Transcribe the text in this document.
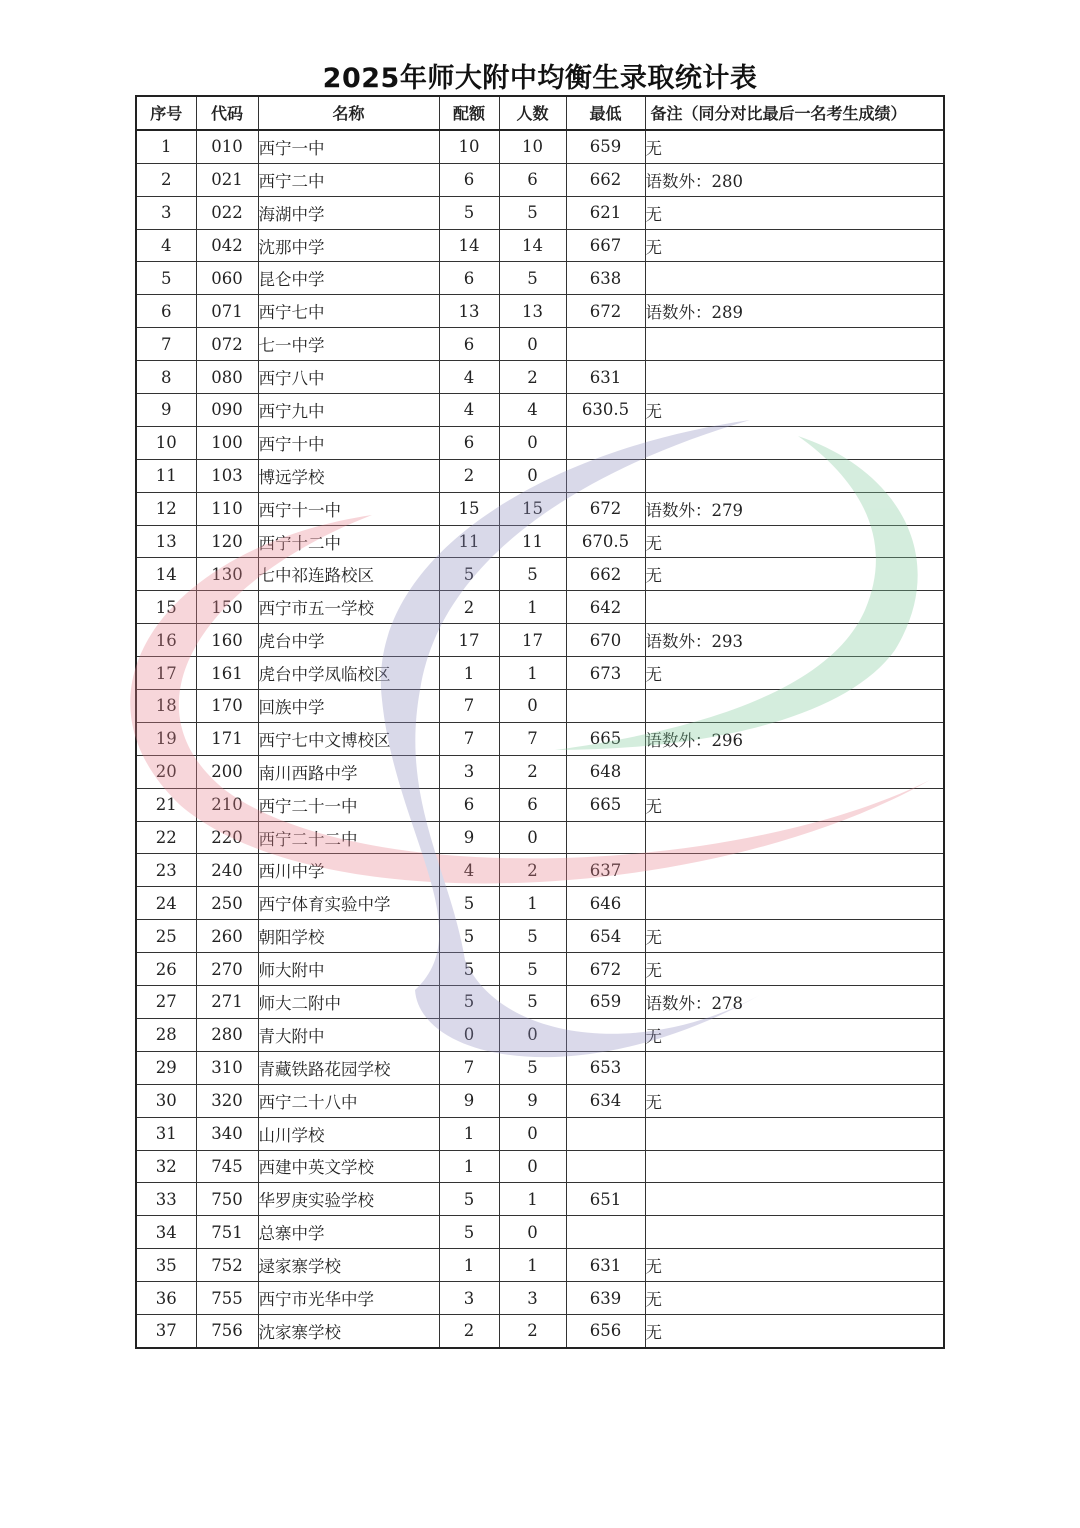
2025年师大附中均衡生录取统计表
序号	代码	名称	配额	人数	最低	备注（同分对比最后一名考生成绩）
1	010	西宁一中	10	10	659	无
2	021	西宁二中	6	6	662	语数外：280
3	022	海湖中学	5	5	621	无
4	042	沈那中学	14	14	667	无
5	060	昆仑中学	6	5	638	
6	071	西宁七中	13	13	672	语数外：289
7	072	七一中学	6	0		
8	080	西宁八中	4	2	631	
9	090	西宁九中	4	4	630.5	无
10	100	西宁十中	6	0		
11	103	博远学校	2	0		
12	110	西宁十一中	15	15	672	语数外：279
13	120	西宁十二中	11	11	670.5	无
14	130	七中祁连路校区	5	5	662	无
15	150	西宁市五一学校	2	1	642	
16	160	虎台中学	17	17	670	语数外：293
17	161	虎台中学凤临校区	1	1	673	无
18	170	回族中学	7	0		
19	171	西宁七中文博校区	7	7	665	语数外：296
20	200	南川西路中学	3	2	648	
21	210	西宁二十一中	6	6	665	无
22	220	西宁二十二中	9	0		
23	240	西川中学	4	2	637	
24	250	西宁体育实验中学	5	1	646	
25	260	朝阳学校	5	5	654	无
26	270	师大附中	5	5	672	无
27	271	师大二附中	5	5	659	语数外：278
28	280	青大附中	0	0		无
29	310	青藏铁路花园学校	7	5	653	
30	320	西宁二十八中	9	9	634	无
31	340	山川学校	1	0		
32	745	西建中英文学校	1	0		
33	750	华罗庚实验学校	5	1	651	
34	751	总寨中学	5	0		
35	752	逯家寨学校	1	1	631	无
36	755	西宁市光华中学	3	3	639	无
37	756	沈家寨学校	2	2	656	无
